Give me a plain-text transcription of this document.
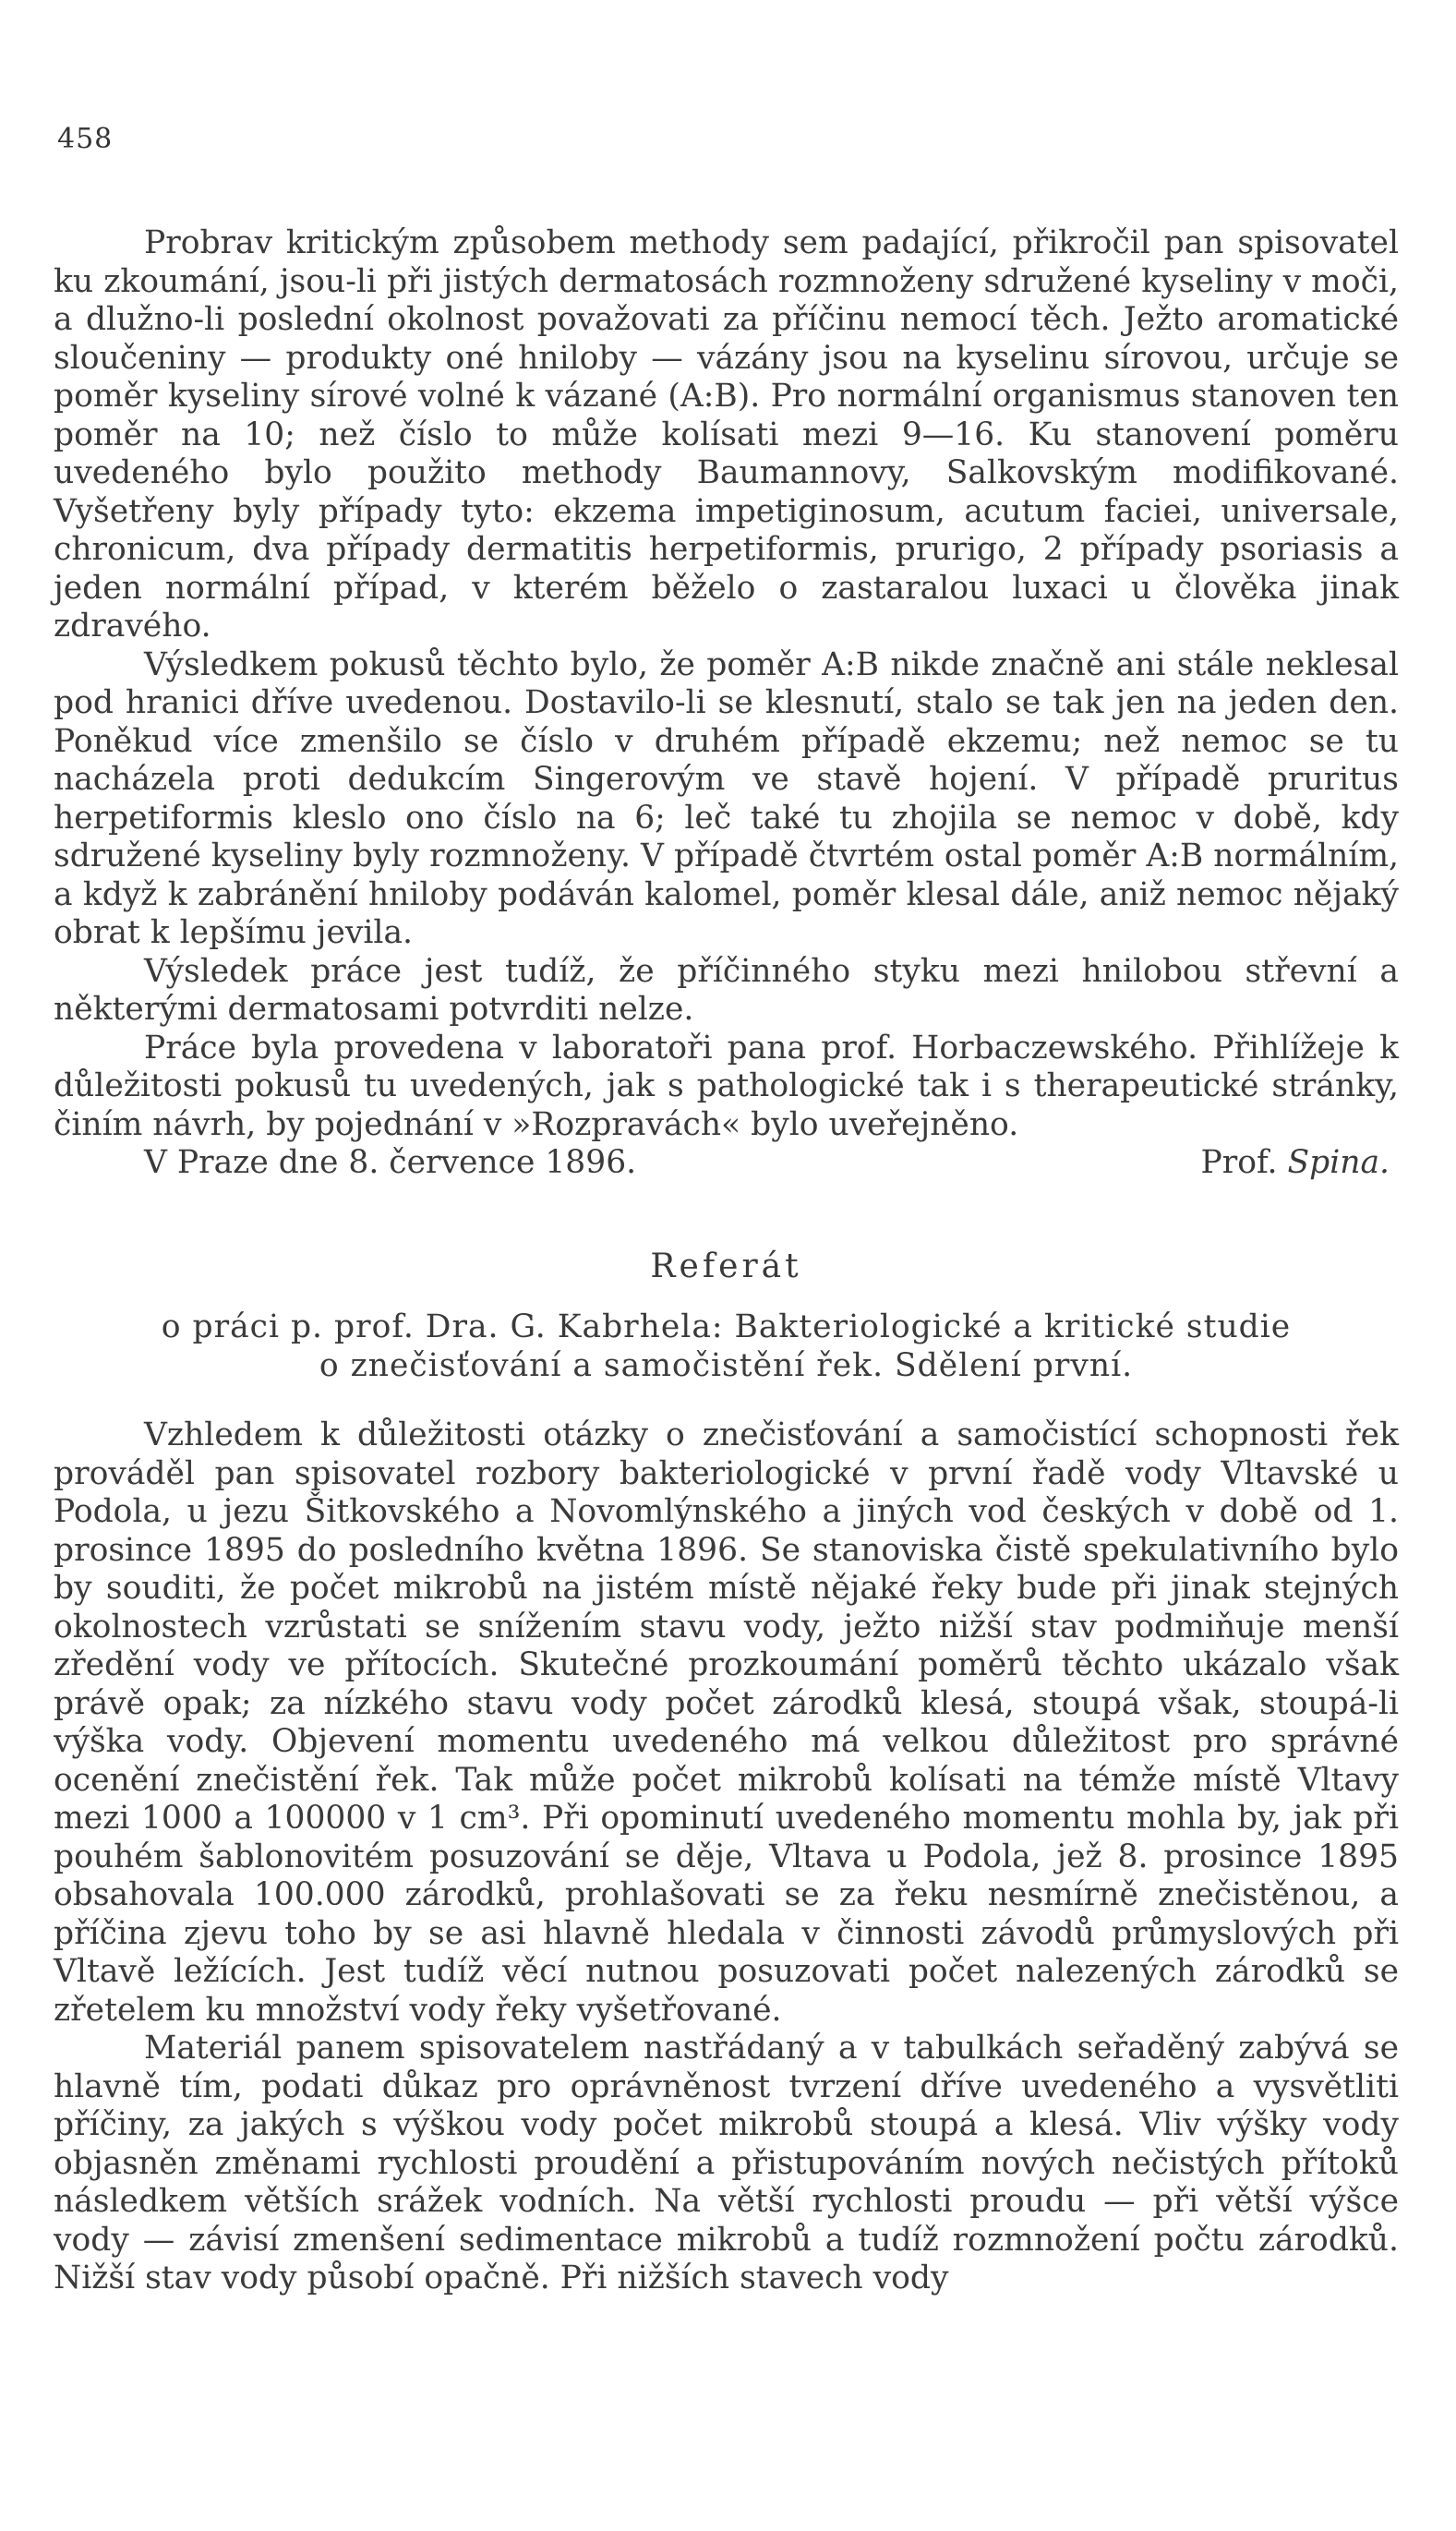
458

Probrav kritickým způsobem methody sem padající, přikročil pan spisovatel ku zkoumání, jsou-li při jistých dermatosách rozmnoženy sdružené kyseliny v moči, a dlužno-li poslední okolnost považovati za příčinu nemocí těch. Ježto aromatické sloučeniny — produkty oné hniloby — vázány jsou na kyselinu sírovou, určuje se poměr kyseliny sírové volné k vázané (A:B). Pro normální organismus stanoven ten poměr na 10; než číslo to může kolísati mezi 9—16. Ku stanovení poměru uvedeného bylo použito methody Baumannovy, Salkovským modifikované. Vyšetřeny byly případy tyto: ekzema impetiginosum, acutum faciei, universale, chronicum, dva případy dermatitis herpetiformis, prurigo, 2 případy psoriasis a jeden normální případ, v kterém běželo o zastaralou luxaci u člověka jinak zdravého.

Výsledkem pokusů těchto bylo, že poměr A:B nikde značně ani stále neklesal pod hranici dříve uvedenou. Dostavilo-li se klesnutí, stalo se tak jen na jeden den. Poněkud více zmenšilo se číslo v druhém případě ekzemu; než nemoc se tu nacházela proti dedukcím Singerovým ve stavě hojení. V případě pruritus herpetiformis kleslo ono číslo na 6; leč také tu zhojila se nemoc v době, kdy sdružené kyseliny byly rozmnoženy. V případě čtvrtém ostal poměr A:B normálním, a když k zabránění hniloby podáván kalomel, poměr klesal dále, aniž nemoc nějaký obrat k lepšímu jevila.

Výsledek práce jest tudíž, že příčinného styku mezi hnilobou střevní a některými dermatosami potvrditi nelze.

Práce byla provedena v laboratoři pana prof. Horbaczewského. Přihlížeje k důležitosti pokusů tu uvedených, jak s pathologické tak i s therapeutické stránky, činím návrh, by pojednání v »Rozpravách« bylo uveřejněno.

V Praze dne 8. července 1896.	Prof. Spina.
Referát
o práci p. prof. Dra. G. Kabrhela: Bakteriologické a kritické studie
o znečisťování a samočistění řek. Sdělení první.

Vzhledem k důležitosti otázky o znečisťování a samočistící schopnosti řek prováděl pan spisovatel rozbory bakteriologické v první řadě vody Vltavské u Podola, u jezu Šitkovského a Novomlýnského a jiných vod českých v době od 1. prosince 1895 do posledního května 1896. Se stanoviska čistě spekulativního bylo by souditi, že počet mikrobů na jistém místě nějaké řeky bude při jinak stejných okolnostech vzrůstati se snížením stavu vody, ježto nižší stav podmiňuje menší zředění vody ve přítocích. Skutečné prozkoumání poměrů těchto ukázalo však právě opak; za nízkého stavu vody počet zárodků klesá, stoupá však, stoupá-li výška vody. Objevení momentu uvedeného má velkou důležitost pro správné ocenění znečistění řek. Tak může počet mikrobů kolísati na témže místě Vltavy mezi 1000 a 100000 v 1 cm³. Při opominutí uvedeného momentu mohla by, jak při pouhém šablonovitém posuzování se děje, Vltava u Podola, jež 8. prosince 1895 obsahovala 100.000 zárodků, prohlašovati se za řeku nesmírně znečistěnou, a příčina zjevu toho by se asi hlavně hledala v činnosti závodů průmyslových při Vltavě ležících. Jest tudíž věcí nutnou posuzovati počet nalezených zárodků se zřetelem ku množství vody řeky vyšetřované.

Materiál panem spisovatelem nastřádaný a v tabulkách seřaděný zabývá se hlavně tím, podati důkaz pro oprávněnost tvrzení dříve uvedeného a vysvětliti příčiny, za jakých s výškou vody počet mikrobů stoupá a klesá. Vliv výšky vody objasněn změnami rychlosti proudění a přistupováním nových nečistých přítoků následkem větších srážek vodních. Na větší rychlosti proudu — při větší výšce vody — závisí zmenšení sedimentace mikrobů a tudíž rozmnožení počtu zárodků. Nižší stav vody působí opačně. Při nižších stavech vody
